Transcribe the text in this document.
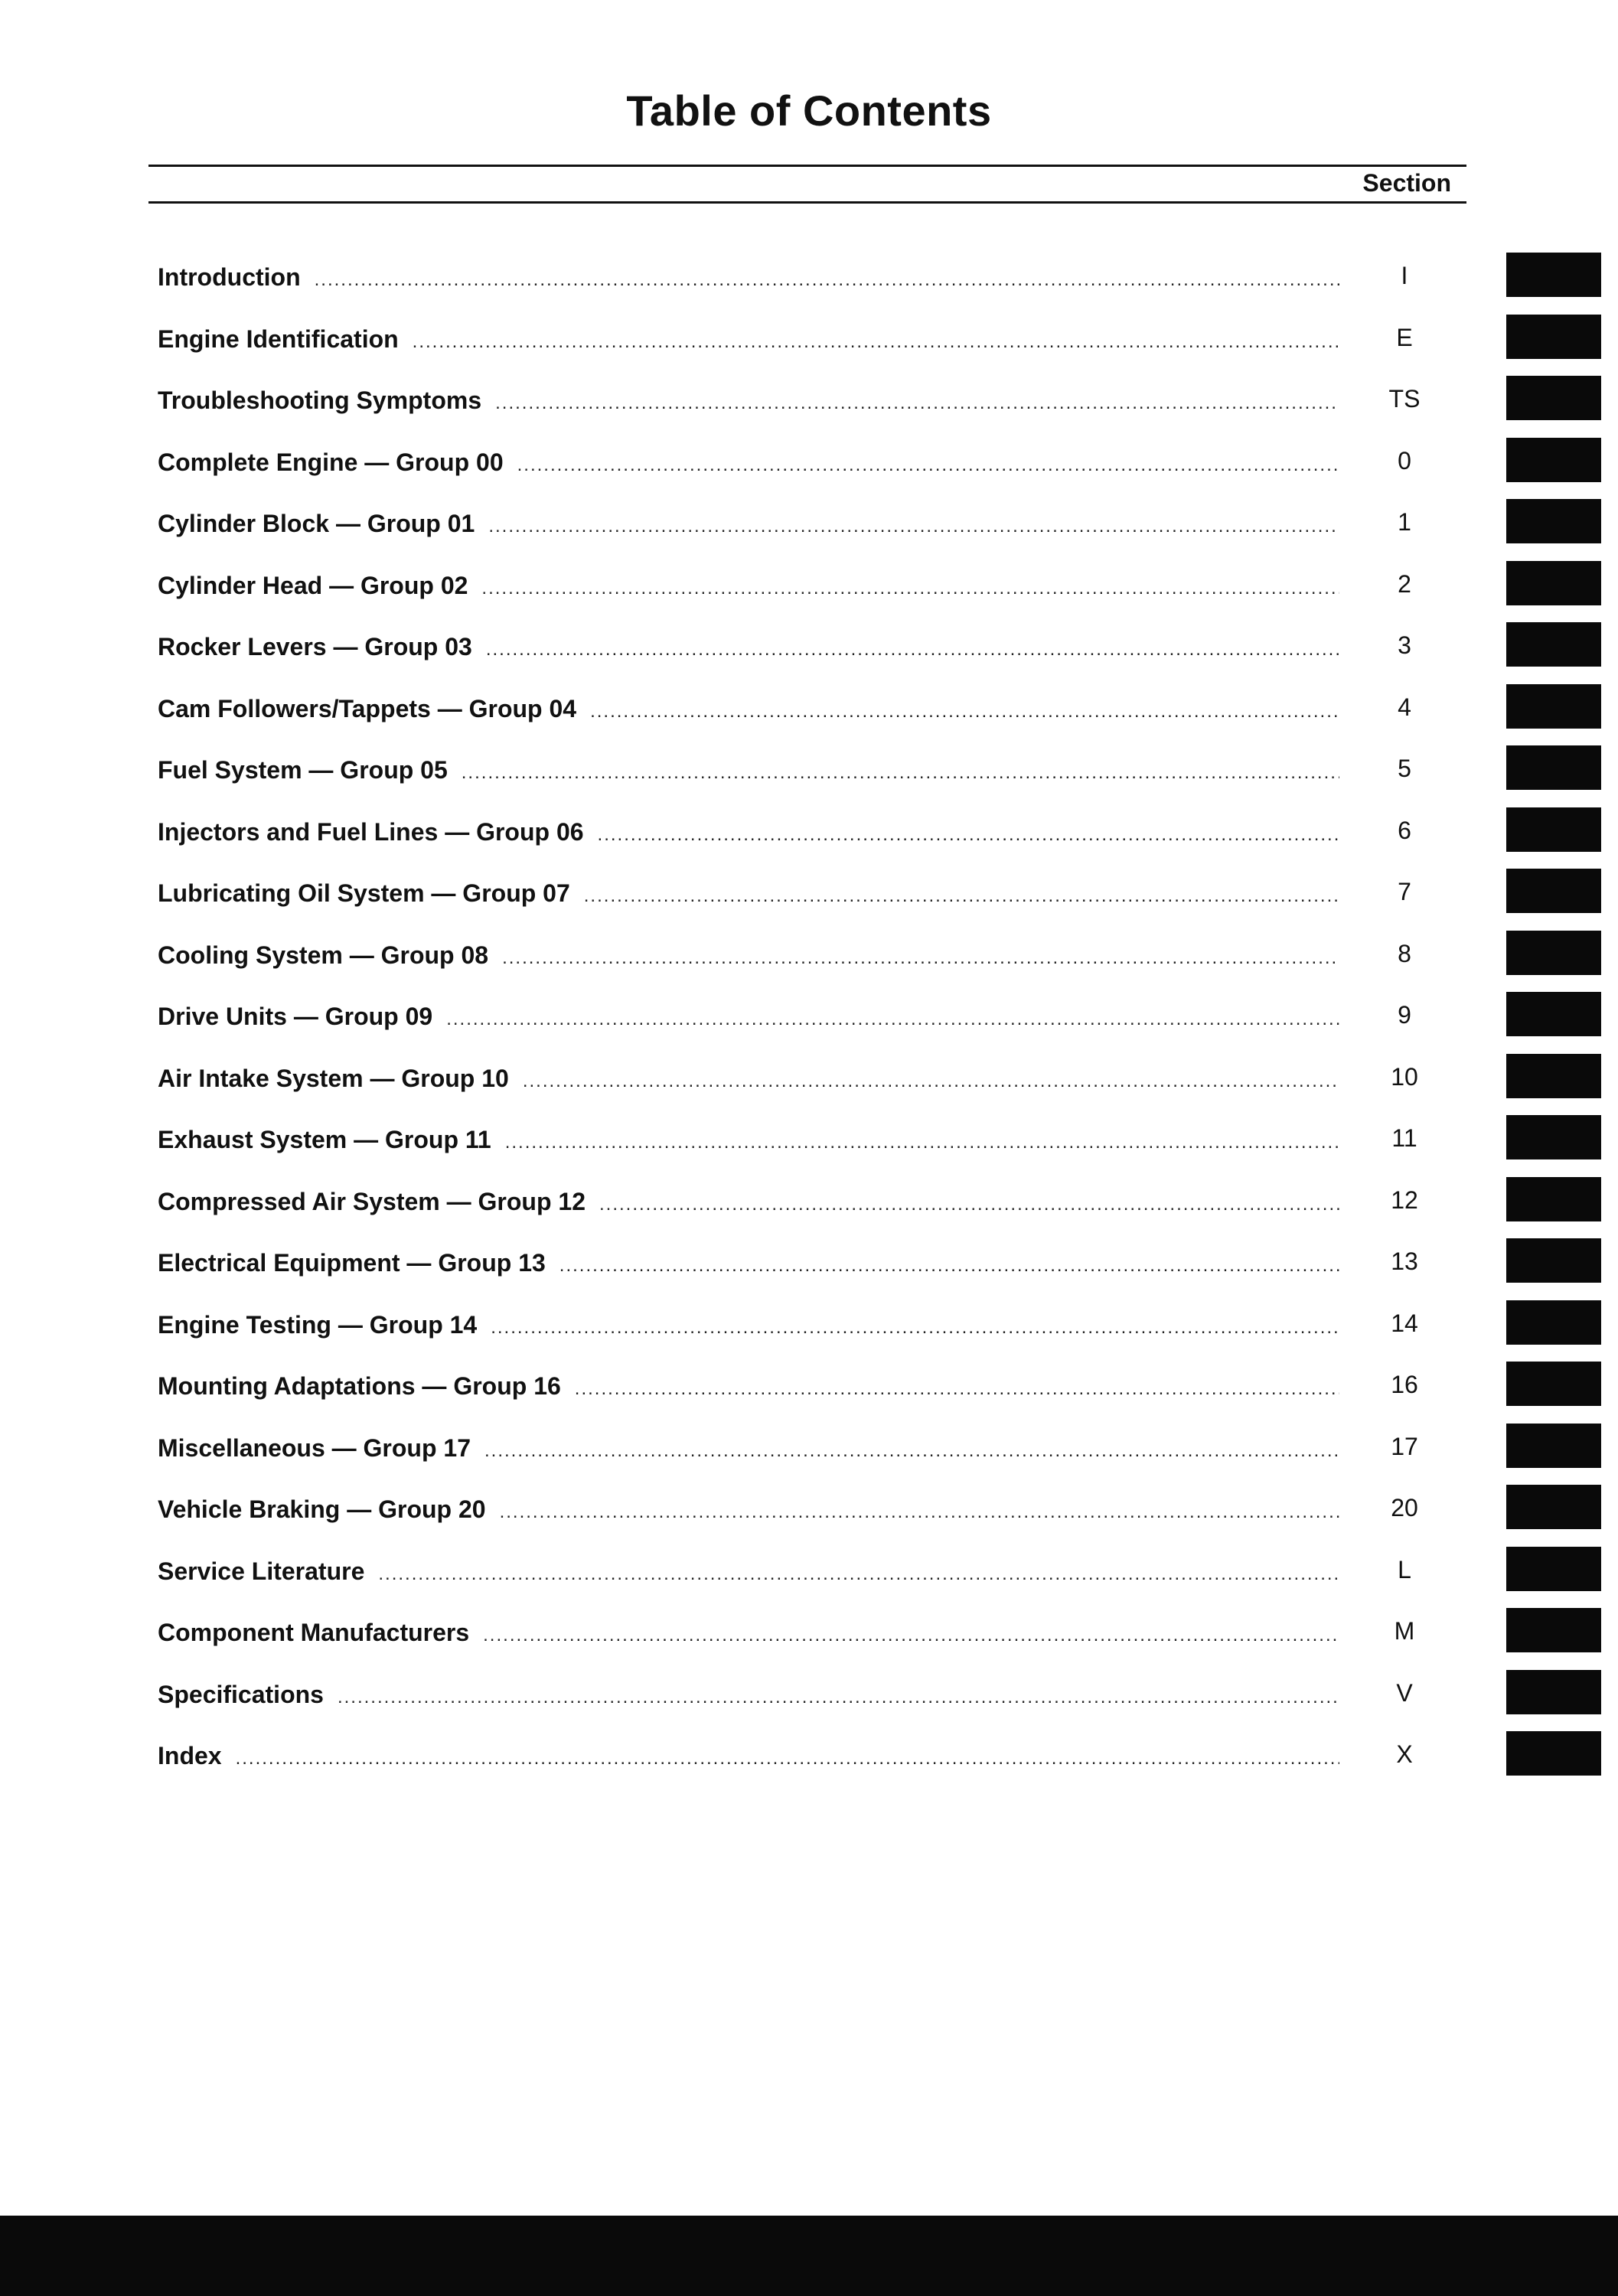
Table of Contents
Section
Introduction .....	I
Engine Identification .....	E
Troubleshooting Symptoms .....	TS
Complete Engine — Group 00 .....	0
Cylinder Block — Group 01 .....	1
Cylinder Head — Group 02 .....	2
Rocker Levers — Group 03 .....	3
Cam Followers/Tappets — Group 04 .....	4
Fuel System — Group 05 .....	5
Injectors and Fuel Lines — Group 06 .....	6
Lubricating Oil System — Group 07 .....	7
Cooling System — Group 08 .....	8
Drive Units — Group 09 .....	9
Air Intake System — Group 10 .....	10
Exhaust System — Group 11 .....	11
Compressed Air System — Group 12 .....	12
Electrical Equipment — Group 13 .....	13
Engine Testing — Group 14 .....	14
Mounting Adaptations — Group 16 .....	16
Miscellaneous — Group 17 .....	17
Vehicle Braking — Group 20 .....	20
Service Literature .....	L
Component Manufacturers .....	M
Specifications .....	V
Index .....	X
